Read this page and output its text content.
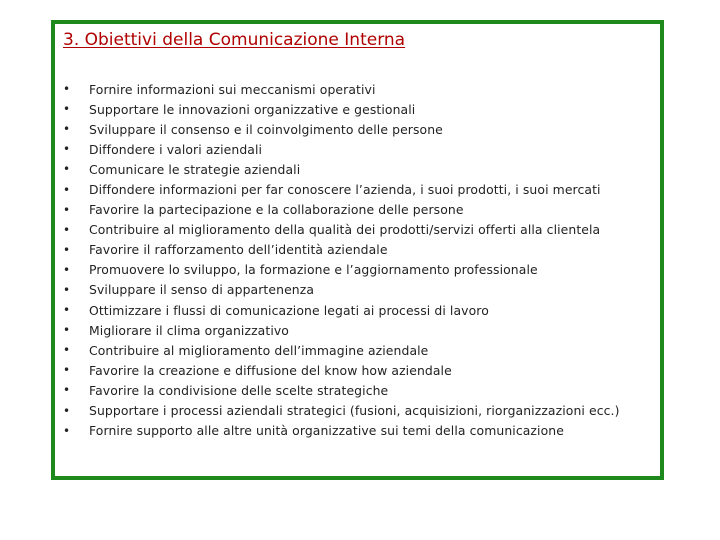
3. Obiettivi della Comunicazione Interna
•	Fornire informazioni sui meccanismi operativi
•	Supportare le innovazioni organizzative e gestionali
•	Sviluppare il consenso e il coinvolgimento delle persone
•	Diffondere i valori aziendali
•	Comunicare le strategie aziendali
•	Diffondere informazioni per far conoscere l’azienda, i suoi prodotti, i suoi mercati
•	Favorire la partecipazione e la collaborazione delle persone
•	Contribuire al miglioramento della qualità dei prodotti/servizi offerti alla clientela
•	Favorire il rafforzamento dell’identità aziendale
•	Promuovere lo sviluppo, la formazione e l’aggiornamento professionale
•	Sviluppare il senso di appartenenza
•	Ottimizzare i flussi di comunicazione legati ai processi di lavoro
•	Migliorare il clima organizzativo
•	Contribuire al miglioramento dell’immagine aziendale
•	Favorire la creazione e diffusione del know how aziendale
•	Favorire la condivisione delle scelte strategiche
•	Supportare i processi aziendali strategici (fusioni, acquisizioni, riorganizzazioni ecc.)
•	Fornire supporto alle altre unità organizzative sui temi della comunicazione
